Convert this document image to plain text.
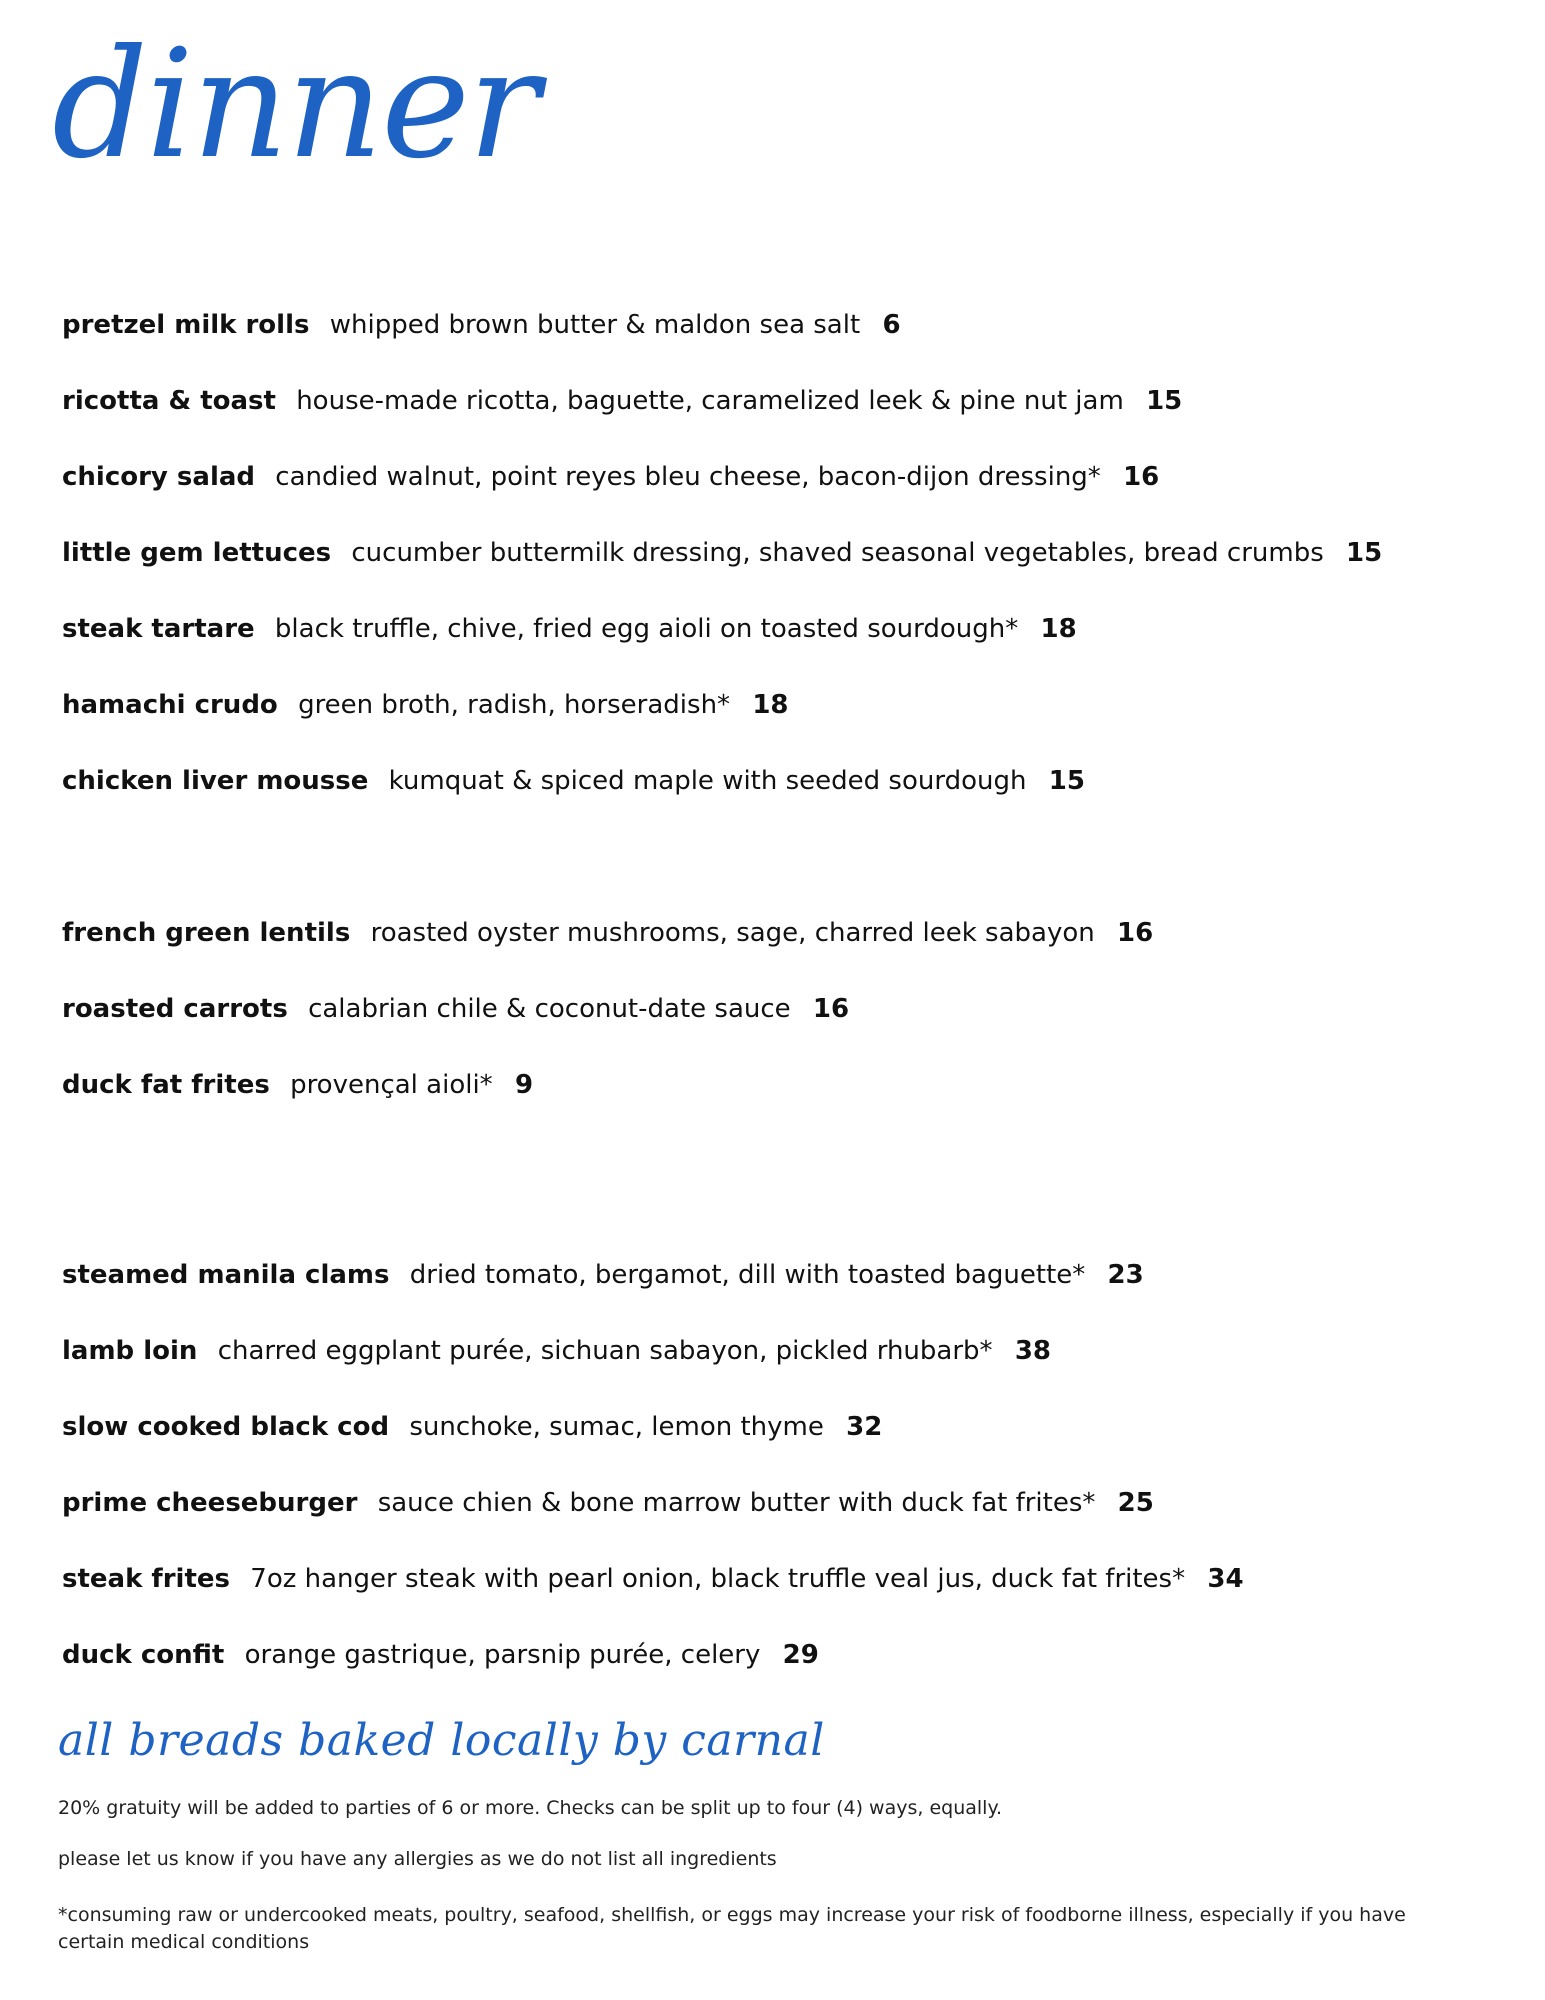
dinner
pretzel milk rolls whipped brown butter & maldon sea salt 6
ricotta & toast house-made ricotta, baguette, caramelized leek & pine nut jam 15
chicory salad candied walnut, point reyes bleu cheese, bacon-dijon dressing* 16
little gem lettuces cucumber buttermilk dressing, shaved seasonal vegetables, bread crumbs 15
steak tartare black truffle, chive, fried egg aioli on toasted sourdough* 18
hamachi crudo green broth, radish, horseradish* 18
chicken liver mousse kumquat & spiced maple with seeded sourdough 15
french green lentils roasted oyster mushrooms, sage, charred leek sabayon 16
roasted carrots calabrian chile & coconut-date sauce 16
duck fat frites provençal aioli* 9
steamed manila clams dried tomato, bergamot, dill with toasted baguette* 23
lamb loin charred eggplant purée, sichuan sabayon, pickled rhubarb* 38
slow cooked black cod sunchoke, sumac, lemon thyme 32
prime cheeseburger sauce chien & bone marrow butter with duck fat frites* 25
steak frites 7oz hanger steak with pearl onion, black truffle veal jus, duck fat frites* 34
duck confit orange gastrique, parsnip purée, celery 29
all breads baked locally by carnal
20% gratuity will be added to parties of 6 or more. Checks can be split up to four (4) ways, equally.
please let us know if you have any allergies as we do not list all ingredients
*consuming raw or undercooked meats, poultry, seafood, shellfish, or eggs may increase your risk of foodborne illness, especially if you have certain medical conditions
